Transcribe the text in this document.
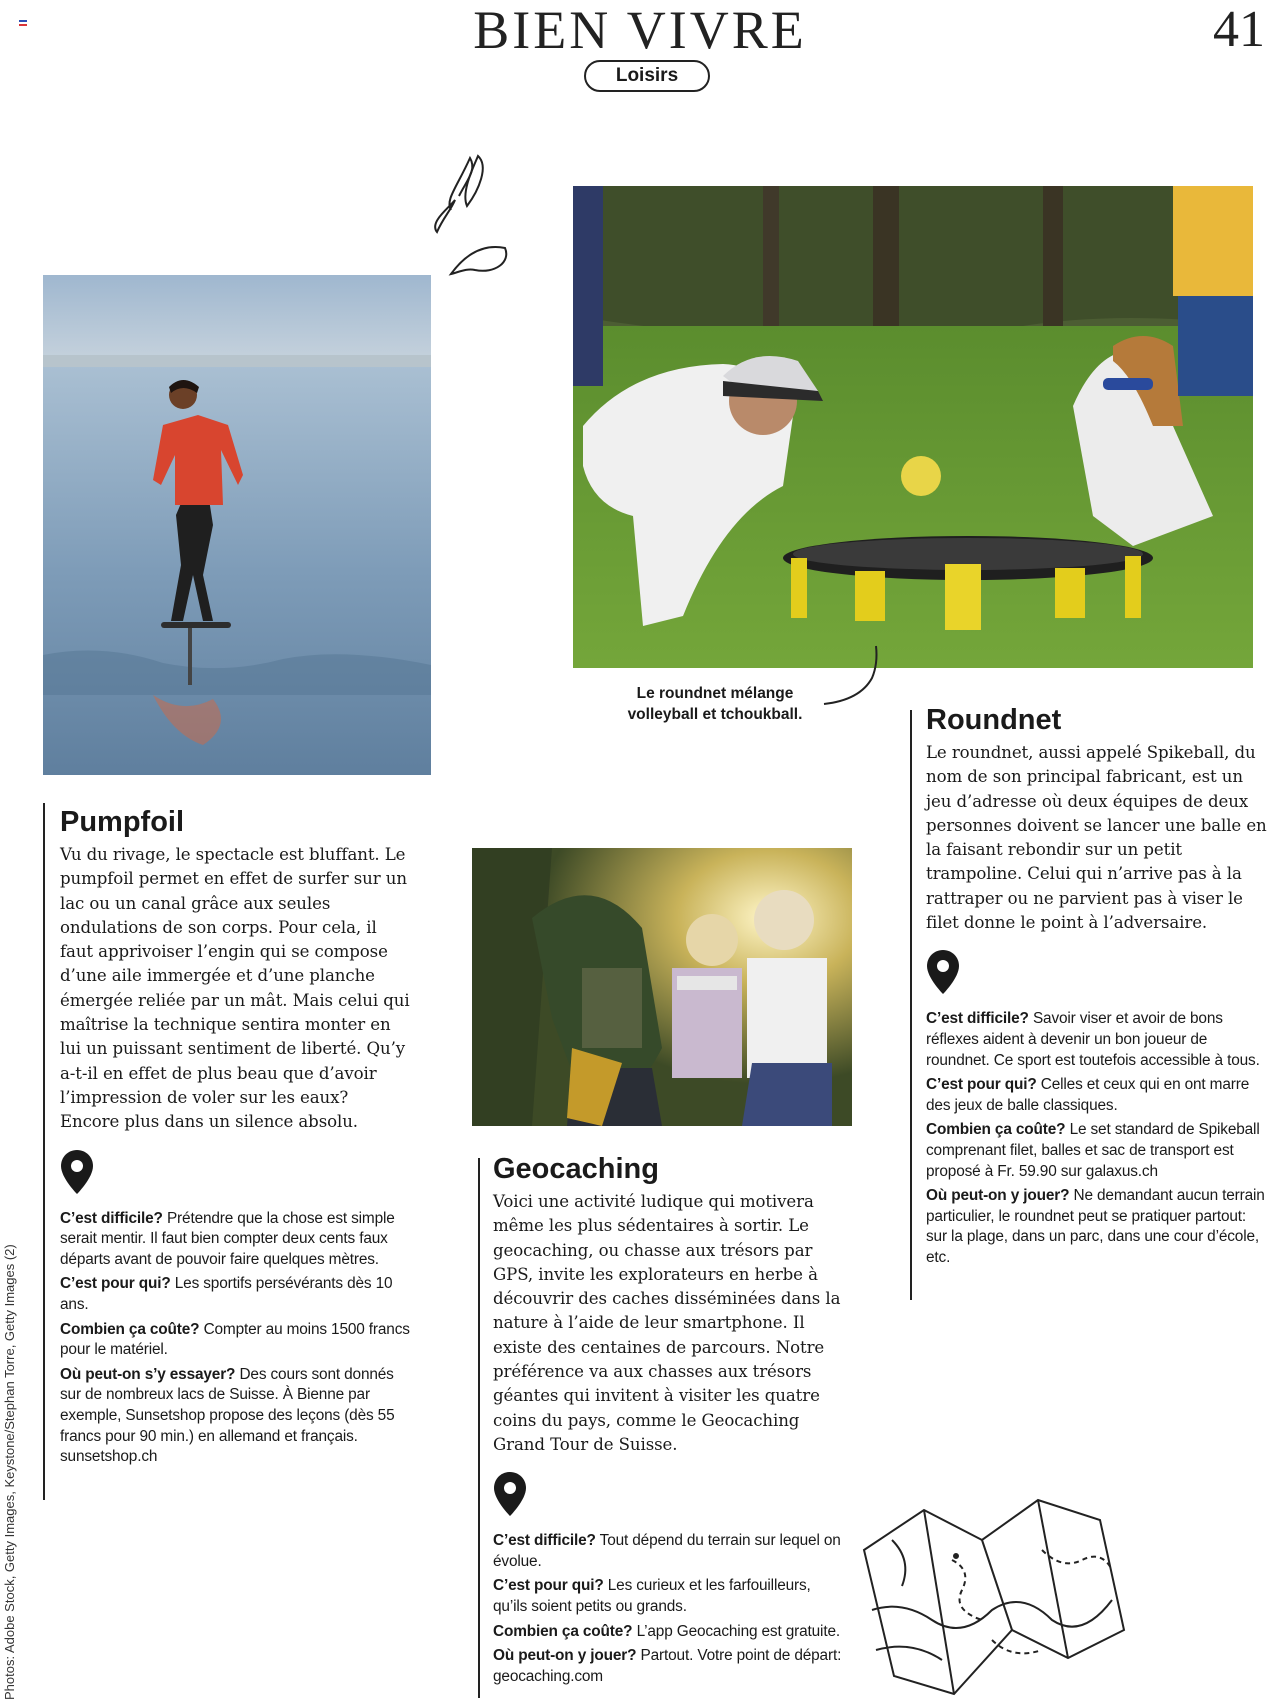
BIEN VIVRE
Loisirs
41
Photos: Adobe Stock, Getty Images, Keystone/Stephan Torre, Getty Images (2)
Le roundnet mélange volleyball et tchoukball.
Pumpfoil

Vu du rivage, le spectacle est bluffant. Le pumpfoil permet en effet de surfer sur un lac ou un canal grâce aux seules ondulations de son corps. Pour cela, il faut apprivoiser l’engin qui se compose d’une aile immergée et d’une planche émergée reliée par un mât. Mais celui qui maîtrise la technique sentira monter en lui un puissant sentiment de liberté. Qu’y a-t-il en effet de plus beau que d’avoir l’impression de voler sur les eaux? Encore plus dans un silence absolu.

C’est difficile? Prétendre que la chose est simple serait mentir. Il faut bien compter deux cents faux départs avant de pouvoir faire quelques mètres.

C’est pour qui? Les sportifs persévérants dès 10 ans.

Combien ça coûte? Compter au moins 1500 francs pour le matériel.

Où peut-on s’y essayer? Des cours sont donnés sur de nombreux lacs de Suisse. À Bienne par exemple, Sunsetshop propose des leçons (dès 55 francs pour 90 min.) en allemand et français. sunsetshop.ch

Geocaching

Voici une activité ludique qui motivera même les plus sédentaires à sortir. Le geocaching, ou chasse aux trésors par GPS, invite les explorateurs en herbe à découvrir des caches disséminées dans la nature à l’aide de leur smartphone. Il existe des centaines de parcours. Notre préférence va aux chasses aux trésors géantes qui invitent à visiter les quatre coins du pays, comme le Geocaching Grand Tour de Suisse.

C’est difficile? Tout dépend du terrain sur lequel on évolue.

C’est pour qui? Les curieux et les farfouilleurs, qu’ils soient petits ou grands.

Combien ça coûte? L’app Geocaching est gratuite.

Où peut-on y jouer? Partout. Votre point de départ: geocaching.com

Roundnet

Le roundnet, aussi appelé Spikeball, du nom de son principal fabricant, est un jeu d’adresse où deux équipes de deux personnes doivent se lancer une balle en la faisant rebondir sur un petit trampoline. Celui qui n’arrive pas à la rattraper ou ne parvient pas à viser le filet donne le point à l’adversaire.

C’est difficile? Savoir viser et avoir de bons réflexes aident à devenir un bon joueur de roundnet. Ce sport est toutefois accessible à tous.

C’est pour qui? Celles et ceux qui en ont marre des jeux de balle classiques.

Combien ça coûte? Le set standard de Spikeball comprenant filet, balles et sac de transport est proposé à Fr. 59.90 sur galaxus.ch

Où peut-on y jouer? Ne demandant aucun terrain particulier, le roundnet peut se pratiquer partout: sur la plage, dans un parc, dans une cour d’école, etc.
